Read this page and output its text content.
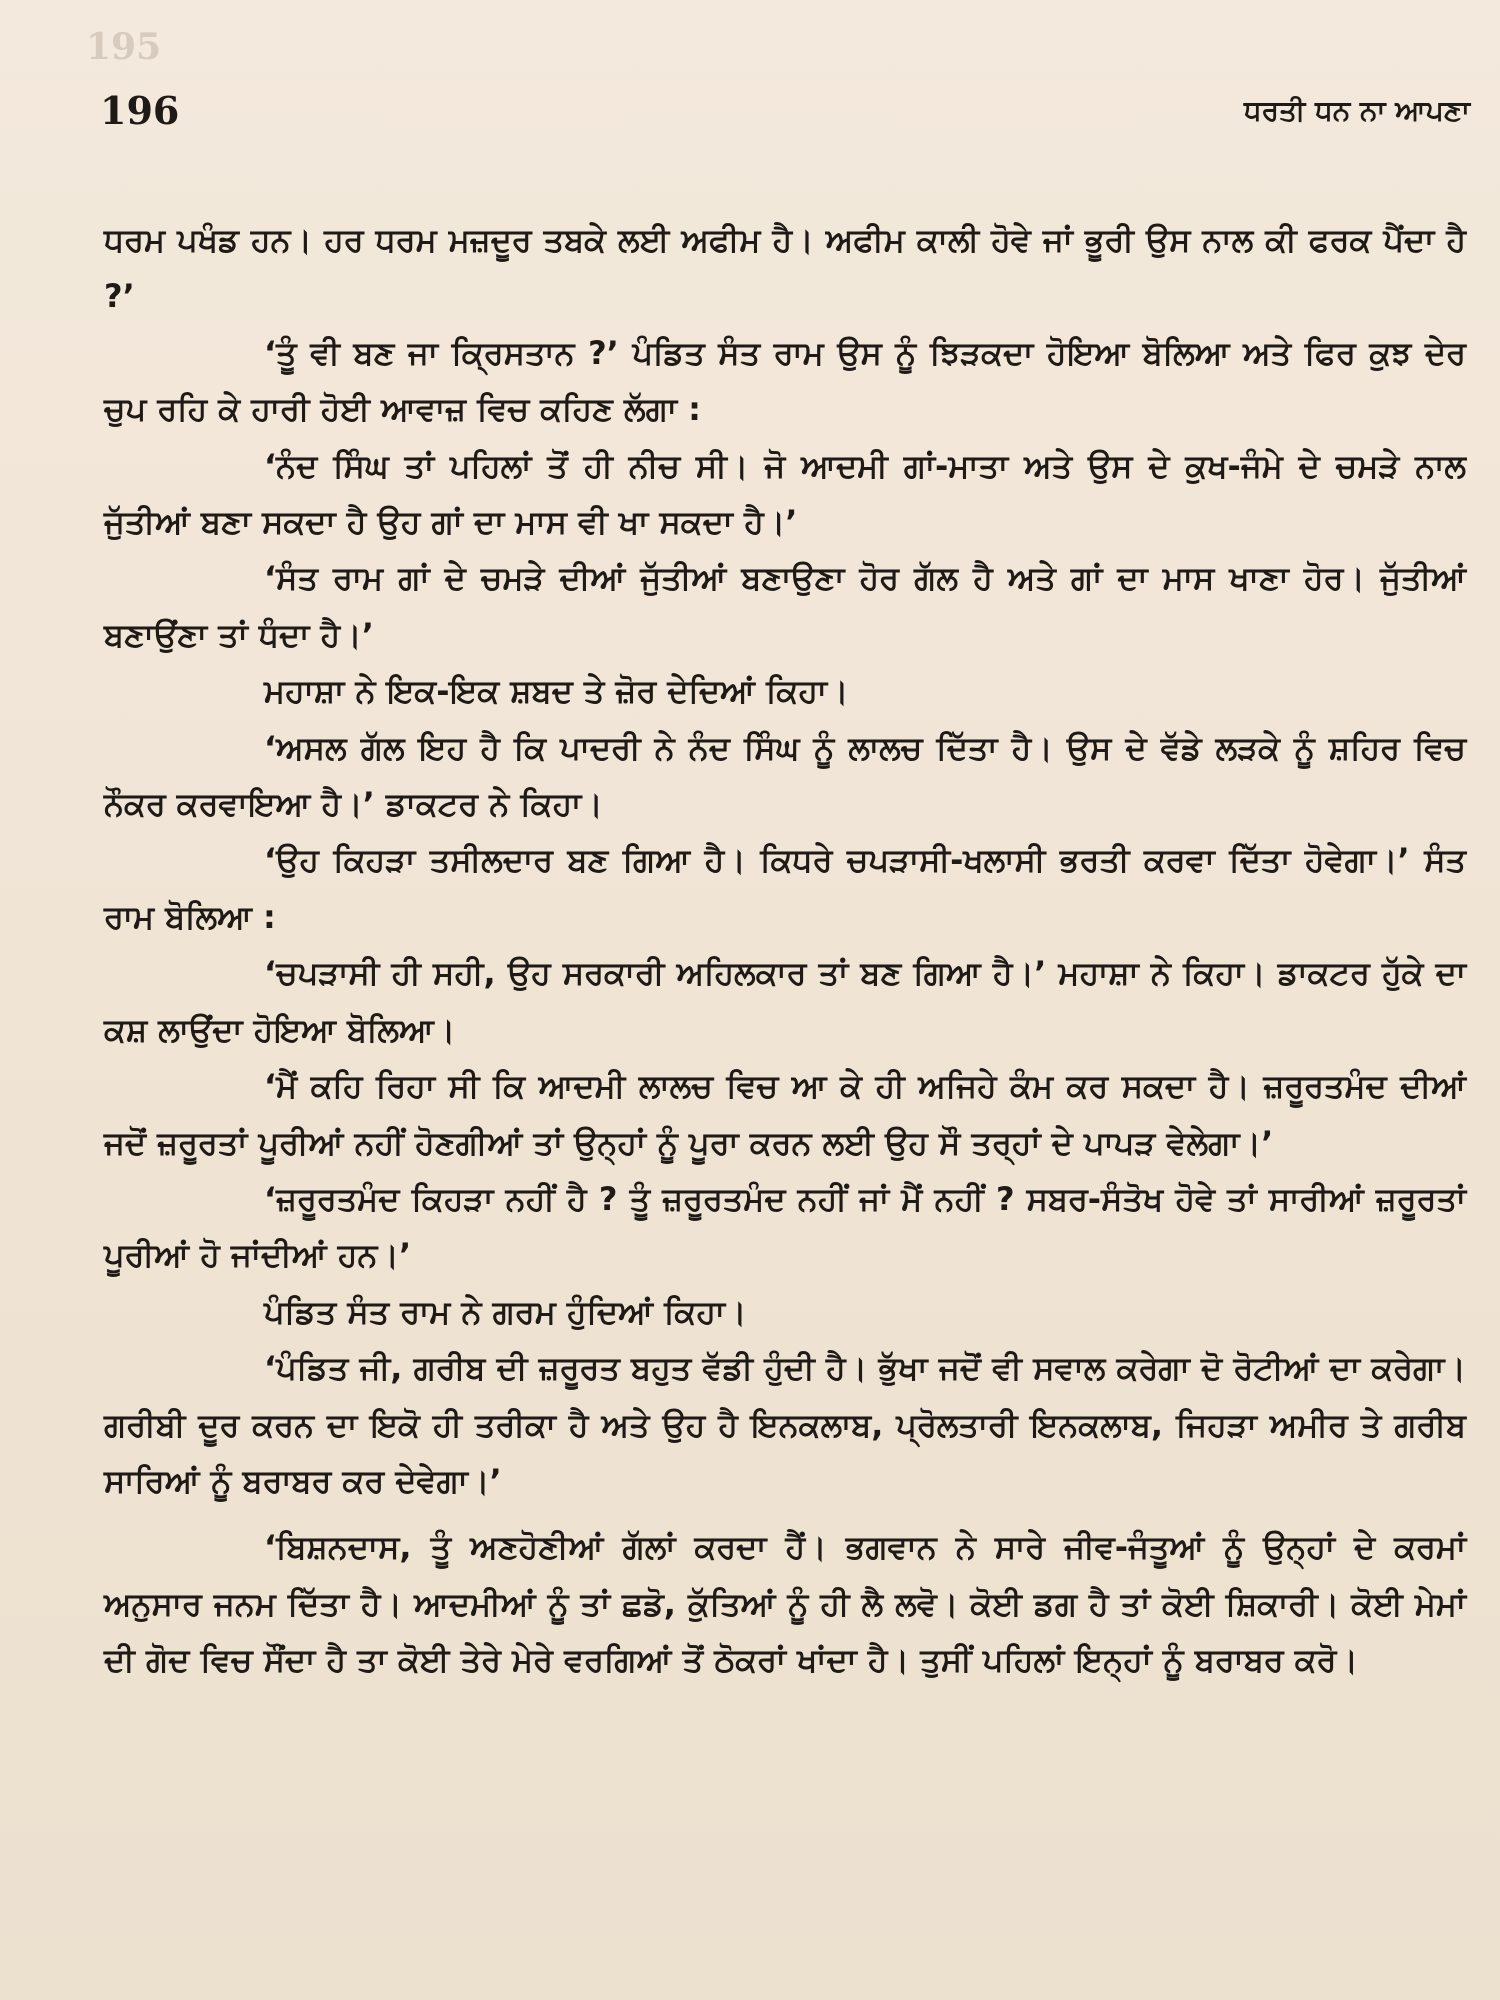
195
196	ਧਰਤੀ ਧਨ ਨਾ ਆਪਣਾ

ਧਰਮ ਪਖੰਡ ਹਨ। ਹਰ ਧਰਮ ਮਜ਼ਦੂਰ ਤਬਕੇ ਲਈ ਅਫੀਮ ਹੈ। ਅਫੀਮ ਕਾਲੀ ਹੋਵੇ ਜਾਂ ਭੂਰੀ ਉਸ ਨਾਲ ਕੀ ਫਰਕ ਪੈਂਦਾ ਹੈ ?’

‘ਤੂੰ ਵੀ ਬਣ ਜਾ ਕ੍ਰਿਸਤਾਨ ?’ ਪੰਡਿਤ ਸੰਤ ਰਾਮ ਉਸ ਨੂੰ ਝਿੜਕਦਾ ਹੋਇਆ ਬੋਲਿਆ ਅਤੇ ਫਿਰ ਕੁਝ ਦੇਰ ਚੁਪ ਰਹਿ ਕੇ ਹਾਰੀ ਹੋਈ ਆਵਾਜ਼ ਵਿਚ ਕਹਿਣ ਲੱਗਾ :

‘ਨੰਦ ਸਿੰਘ ਤਾਂ ਪਹਿਲਾਂ ਤੋਂ ਹੀ ਨੀਚ ਸੀ। ਜੋ ਆਦਮੀ ਗਾਂ-ਮਾਤਾ ਅਤੇ ਉਸ ਦੇ ਕੁਖ-ਜੰਮੇ ਦੇ ਚਮੜੇ ਨਾਲ ਜੁੱਤੀਆਂ ਬਣਾ ਸਕਦਾ ਹੈ ਉਹ ਗਾਂ ਦਾ ਮਾਸ ਵੀ ਖਾ ਸਕਦਾ ਹੈ।’

‘ਸੰਤ ਰਾਮ ਗਾਂ ਦੇ ਚਮੜੇ ਦੀਆਂ ਜੁੱਤੀਆਂ ਬਣਾਉਣਾ ਹੋਰ ਗੱਲ ਹੈ ਅਤੇ ਗਾਂ ਦਾ ਮਾਸ ਖਾਣਾ ਹੋਰ। ਜੁੱਤੀਆਂ ਬਣਾਉਂਣਾ ਤਾਂ ਧੰਦਾ ਹੈ।’

ਮਹਾਸ਼ਾ ਨੇ ਇਕ-ਇਕ ਸ਼ਬਦ ਤੇ ਜ਼ੋਰ ਦੇਦਿਆਂ ਕਿਹਾ।

‘ਅਸਲ ਗੱਲ ਇਹ ਹੈ ਕਿ ਪਾਦਰੀ ਨੇ ਨੰਦ ਸਿੰਘ ਨੂੰ ਲਾਲਚ ਦਿੱਤਾ ਹੈ। ਉਸ ਦੇ ਵੱਡੇ ਲੜਕੇ ਨੂੰ ਸ਼ਹਿਰ ਵਿਚ ਨੌਕਰ ਕਰਵਾਇਆ ਹੈ।’ ਡਾਕਟਰ ਨੇ ਕਿਹਾ।

‘ਉਹ ਕਿਹੜਾ ਤਸੀਲਦਾਰ ਬਣ ਗਿਆ ਹੈ। ਕਿਧਰੇ ਚਪੜਾਸੀ-ਖਲਾਸੀ ਭਰਤੀ ਕਰਵਾ ਦਿੱਤਾ ਹੋਵੇਗਾ।’ ਸੰਤ ਰਾਮ ਬੋਲਿਆ :

‘ਚਪੜਾਸੀ ਹੀ ਸਹੀ, ਉਹ ਸਰਕਾਰੀ ਅਹਿਲਕਾਰ ਤਾਂ ਬਣ ਗਿਆ ਹੈ।’ ਮਹਾਸ਼ਾ ਨੇ ਕਿਹਾ। ਡਾਕਟਰ ਹੁੱਕੇ ਦਾ ਕਸ਼ ਲਾਉਂਦਾ ਹੋਇਆ ਬੋਲਿਆ।

‘ਮੈਂ ਕਹਿ ਰਿਹਾ ਸੀ ਕਿ ਆਦਮੀ ਲਾਲਚ ਵਿਚ ਆ ਕੇ ਹੀ ਅਜਿਹੇ ਕੰਮ ਕਰ ਸਕਦਾ ਹੈ। ਜ਼ਰੂਰਤਮੰਦ ਦੀਆਂ ਜਦੋਂ ਜ਼ਰੂਰਤਾਂ ਪੂਰੀਆਂ ਨਹੀਂ ਹੋਣਗੀਆਂ ਤਾਂ ਉਨ੍ਹਾਂ ਨੂੰ ਪੂਰਾ ਕਰਨ ਲਈ ਉਹ ਸੌ ਤਰ੍ਹਾਂ ਦੇ ਪਾਪੜ ਵੇਲੇਗਾ।’

‘ਜ਼ਰੂਰਤਮੰਦ ਕਿਹੜਾ ਨਹੀਂ ਹੈ ? ਤੂੰ ਜ਼ਰੂਰਤਮੰਦ ਨਹੀਂ ਜਾਂ ਮੈਂ ਨਹੀਂ ? ਸਬਰ-ਸੰਤੋਖ ਹੋਵੇ ਤਾਂ ਸਾਰੀਆਂ ਜ਼ਰੂਰਤਾਂ ਪੂਰੀਆਂ ਹੋ ਜਾਂਦੀਆਂ ਹਨ।’

ਪੰਡਿਤ ਸੰਤ ਰਾਮ ਨੇ ਗਰਮ ਹੁੰਦਿਆਂ ਕਿਹਾ।

‘ਪੰਡਿਤ ਜੀ, ਗਰੀਬ ਦੀ ਜ਼ਰੂਰਤ ਬਹੁਤ ਵੱਡੀ ਹੁੰਦੀ ਹੈ। ਭੁੱਖਾ ਜਦੋਂ ਵੀ ਸਵਾਲ ਕਰੇਗਾ ਦੋ ਰੋਟੀਆਂ ਦਾ ਕਰੇਗਾ। ਗਰੀਬੀ ਦੂਰ ਕਰਨ ਦਾ ਇਕੋ ਹੀ ਤਰੀਕਾ ਹੈ ਅਤੇ ਉਹ ਹੈ ਇਨਕਲਾਬ, ਪ੍ਰੋਲਤਾਰੀ ਇਨਕਲਾਬ, ਜਿਹੜਾ ਅਮੀਰ ਤੇ ਗਰੀਬ ਸਾਰਿਆਂ ਨੂੰ ਬਰਾਬਰ ਕਰ ਦੇਵੇਗਾ।’

‘ਬਿਸ਼ਨਦਾਸ, ਤੂੰ ਅਣਹੋਣੀਆਂ ਗੱਲਾਂ ਕਰਦਾ ਹੈਂ। ਭਗਵਾਨ ਨੇ ਸਾਰੇ ਜੀਵ-ਜੰਤੂਆਂ ਨੂੰ ਉਨ੍ਹਾਂ ਦੇ ਕਰਮਾਂ ਅਨੁਸਾਰ ਜਨਮ ਦਿੱਤਾ ਹੈ। ਆਦਮੀਆਂ ਨੂੰ ਤਾਂ ਛਡੋ, ਕੁੱਤਿਆਂ ਨੂੰ ਹੀ ਲੈ ਲਵੋ। ਕੋਈ ਡਗ ਹੈ ਤਾਂ ਕੋਈ ਸ਼ਿਕਾਰੀ। ਕੋਈ ਮੇਮਾਂ ਦੀ ਗੋਦ ਵਿਚ ਸੌਂਦਾ ਹੈ ਤਾ ਕੋਈ ਤੇਰੇ ਮੇਰੇ ਵਰਗਿਆਂ ਤੋਂ ਠੋਕਰਾਂ ਖਾਂਦਾ ਹੈ। ਤੁਸੀਂ ਪਹਿਲਾਂ ਇਨ੍ਹਾਂ ਨੂੰ ਬਰਾਬਰ ਕਰੋ।
